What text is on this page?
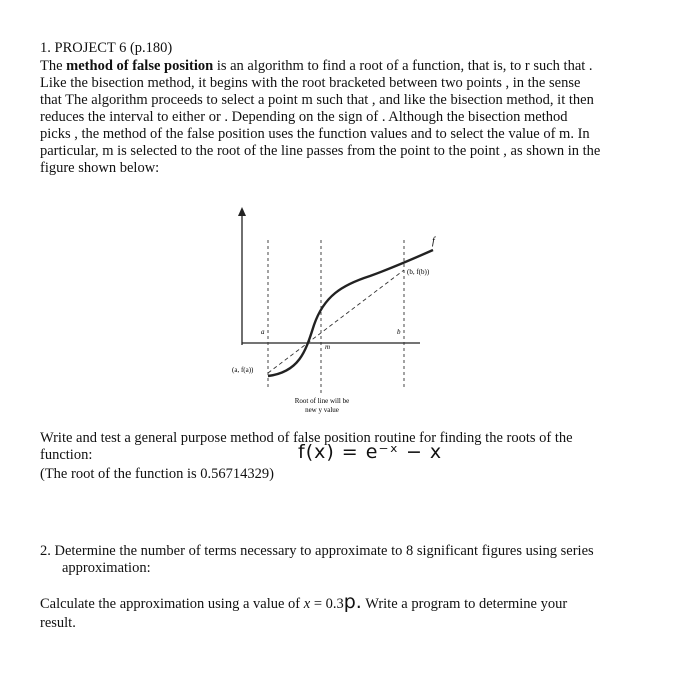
1. PROJECT 6 (p.180)
The method of false position is an algorithm to find a root of a function, that is, to r such that .
Like the bisection method, it begins with the root bracketed between two points , in the sense
that The algorithm proceeds to select a point m such that , and like the bisection method, it then
reduces the interval to either or . Depending on the sign of . Although the bisection method
picks , the method of the false position uses the function values and to select the value of m. In
particular, m is selected to the root of the line passes from the point to the point , as shown in the
figure shown below:
f
(b, f(b))
(a, f(a))
a
m
b
Root of line will be
new y value
Write and test a general purpose method of false position routine for finding the roots of the
function:	f(x) = e⁻ˣ − x
(The root of the function is 0.56714329)
2. Determine the number of terms necessary to approximate to 8 significant figures using series
approximation:
Calculate the approximation using a value of x = 0.3p. Write a program to determine your
result.
